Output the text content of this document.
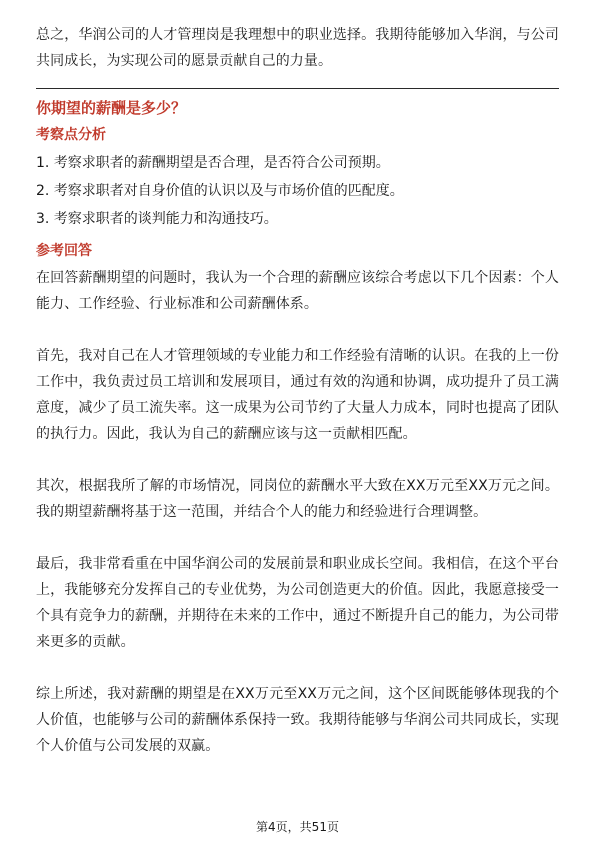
总之，华润公司的人才管理岗是我理想中的职业选择。我期待能够加入华润，与公司共同成长，为实现公司的愿景贡献自己的力量。

你期望的薪酬是多少？
考察点分析
1. 考察求职者的薪酬期望是否合理，是否符合公司预期。
2. 考察求职者对自身价值的认识以及与市场价值的匹配度。
3. 考察求职者的谈判能力和沟通技巧。
参考回答

在回答薪酬期望的问题时，我认为一个合理的薪酬应该综合考虑以下几个因素：个人能力、工作经验、行业标准和公司薪酬体系。

首先，我对自己在人才管理领域的专业能力和工作经验有清晰的认识。在我的上一份工作中，我负责过员工培训和发展项目，通过有效的沟通和协调，成功提升了员工满意度，减少了员工流失率。这一成果为公司节约了大量人力成本，同时也提高了团队的执行力。因此，我认为自己的薪酬应该与这一贡献相匹配。

其次，根据我所了解的市场情况，同岗位的薪酬水平大致在XX万元至XX万元之间。我的期望薪酬将基于这一范围，并结合个人的能力和经验进行合理调整。

最后，我非常看重在中国华润公司的发展前景和职业成长空间。我相信，在这个平台上，我能够充分发挥自己的专业优势，为公司创造更大的价值。因此，我愿意接受一个具有竞争力的薪酬，并期待在未来的工作中，通过不断提升自己的能力，为公司带来更多的贡献。

综上所述，我对薪酬的期望是在XX万元至XX万元之间，这个区间既能够体现我的个人价值，也能够与公司的薪酬体系保持一致。我期待能够与华润公司共同成长，实现个人价值与公司发展的双赢。

第4页，共51页
